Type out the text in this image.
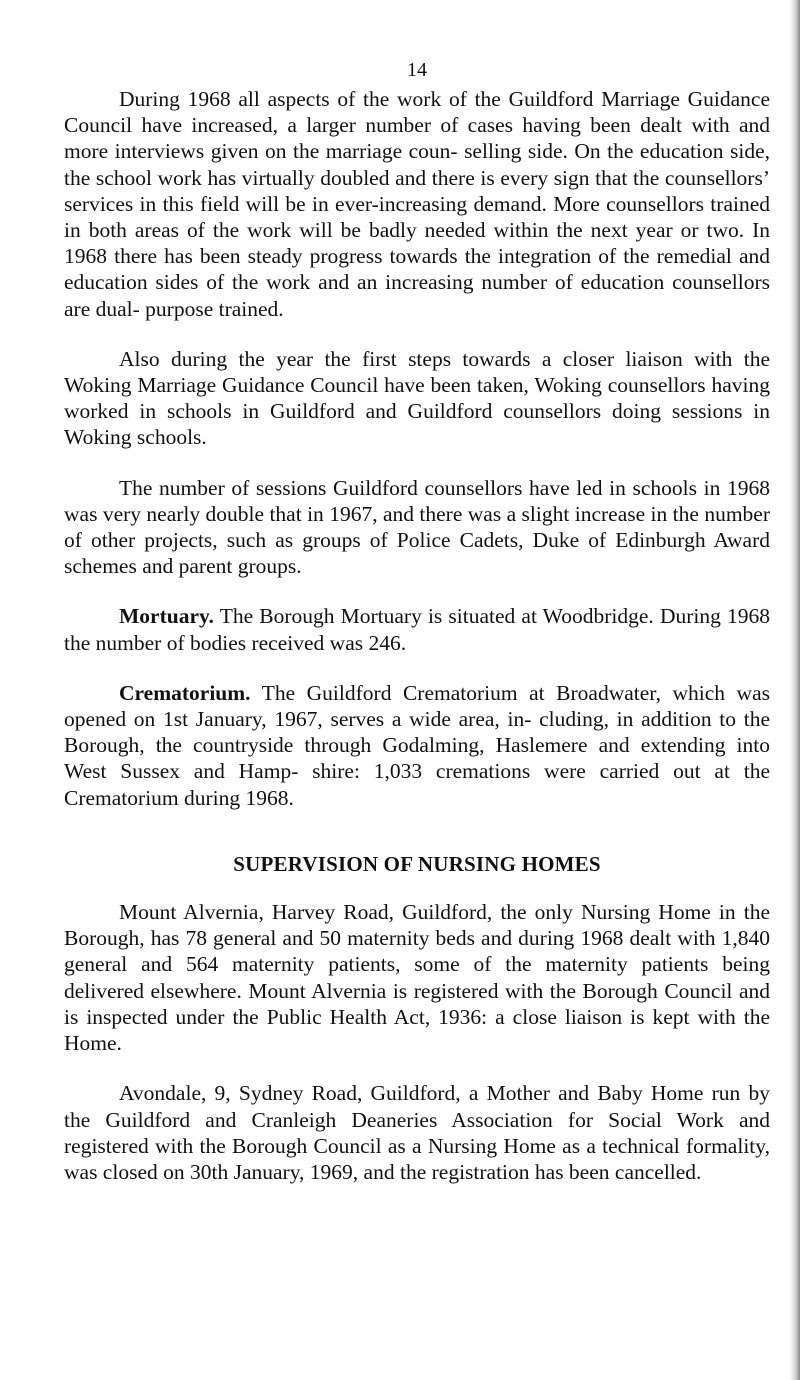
14

During 1968 all aspects of the work of the Guildford Marriage Guidance Council have increased, a larger number of cases having been dealt with and more interviews given on the marriage coun- selling side. On the education side, the school work has virtually doubled and there is every sign that the counsellors’ services in this field will be in ever-increasing demand. More counsellors trained in both areas of the work will be badly needed within the next year or two. In 1968 there has been steady progress towards the integration of the remedial and education sides of the work and an increasing number of education counsellors are dual- purpose trained.

Also during the year the first steps towards a closer liaison with the Woking Marriage Guidance Council have been taken, Woking counsellors having worked in schools in Guildford and Guildford counsellors doing sessions in Woking schools.

The number of sessions Guildford counsellors have led in schools in 1968 was very nearly double that in 1967, and there was a slight increase in the number of other projects, such as groups of Police Cadets, Duke of Edinburgh Award schemes and parent groups.

Mortuary. The Borough Mortuary is situated at Woodbridge. During 1968 the number of bodies received was 246.

Crematorium. The Guildford Crematorium at Broadwater, which was opened on 1st January, 1967, serves a wide area, in- cluding, in addition to the Borough, the countryside through Godalming, Haslemere and extending into West Sussex and Hamp- shire: 1,033 cremations were carried out at the Crematorium during 1968.

SUPERVISION OF NURSING HOMES

Mount Alvernia, Harvey Road, Guildford, the only Nursing Home in the Borough, has 78 general and 50 maternity beds and during 1968 dealt with 1,840 general and 564 maternity patients, some of the maternity patients being delivered elsewhere. Mount Alvernia is registered with the Borough Council and is inspected under the Public Health Act, 1936: a close liaison is kept with the Home.

Avondale, 9, Sydney Road, Guildford, a Mother and Baby Home run by the Guildford and Cranleigh Deaneries Association for Social Work and registered with the Borough Council as a Nursing Home as a technical formality, was closed on 30th January, 1969, and the registration has been cancelled.
